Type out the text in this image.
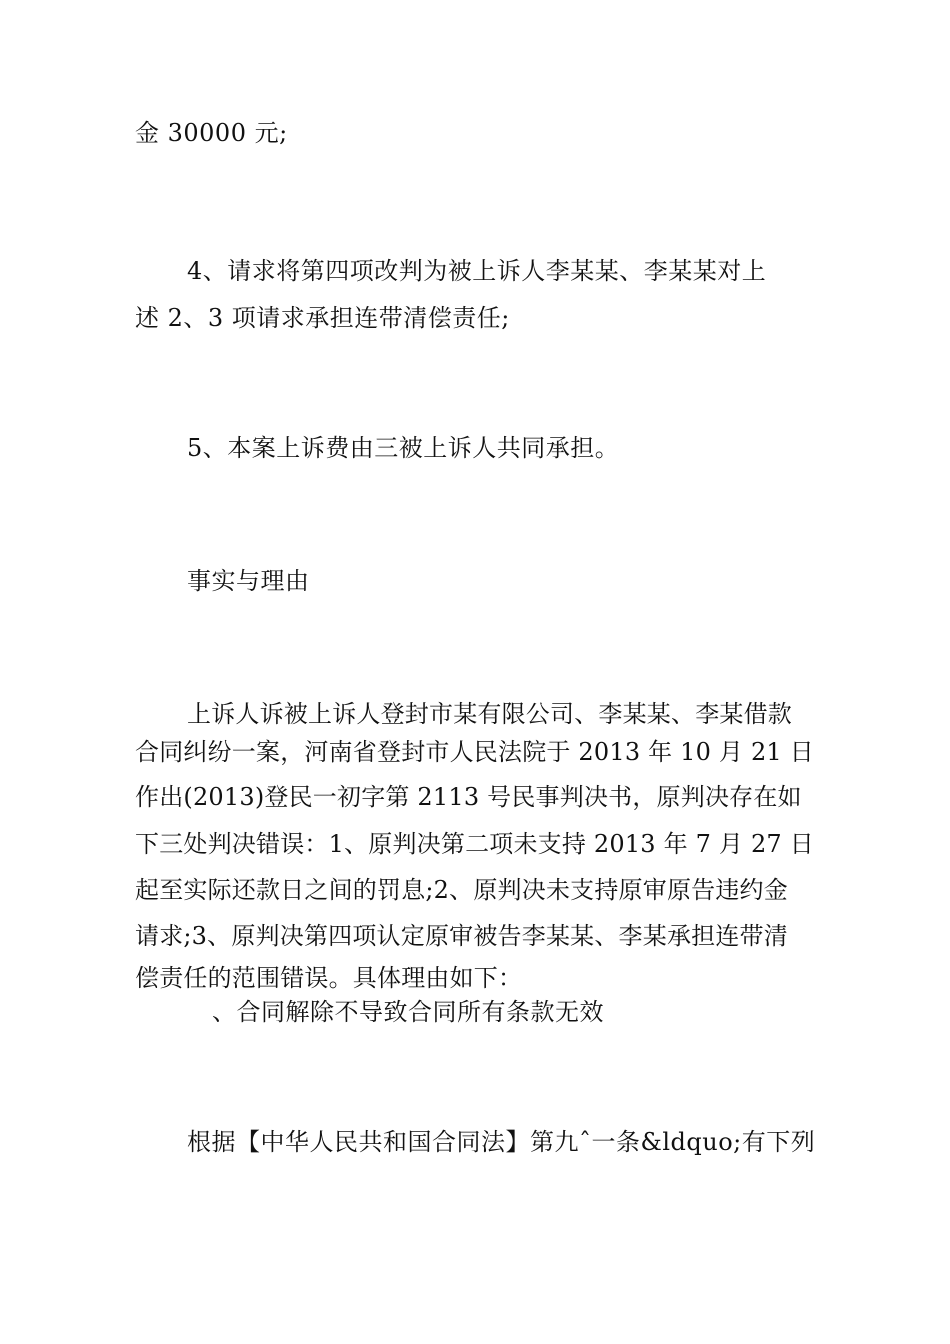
金 30000 元;
4、请求将第四项改判为被上诉人李某某、李某某对上
述 2、3 项请求承担连带清偿责任;
5、本案上诉费由三被上诉人共同承担。
事实与理由
上诉人诉被上诉人登封市某有限公司、李某某、李某借款
合同纠纷一案，河南省登封市人民法院于 2013 年 10 月 21 日
作出(2013)登民一初字第 2113 号民事判决书，原判决存在如
下三处判决错误：1、原判决第二项未支持 2013 年 7 月 27 日
起至实际还款日之间的罚息;2、原判决未支持原审原告违约金
请求;3、原判决第四项认定原审被告李某某、李某承担连带清
偿责任的范围错误。具体理由如下：
、合同解除不导致合同所有条款无效
根据【中华人民共和国合同法】第九ˆ一条&ldquo;有下列
